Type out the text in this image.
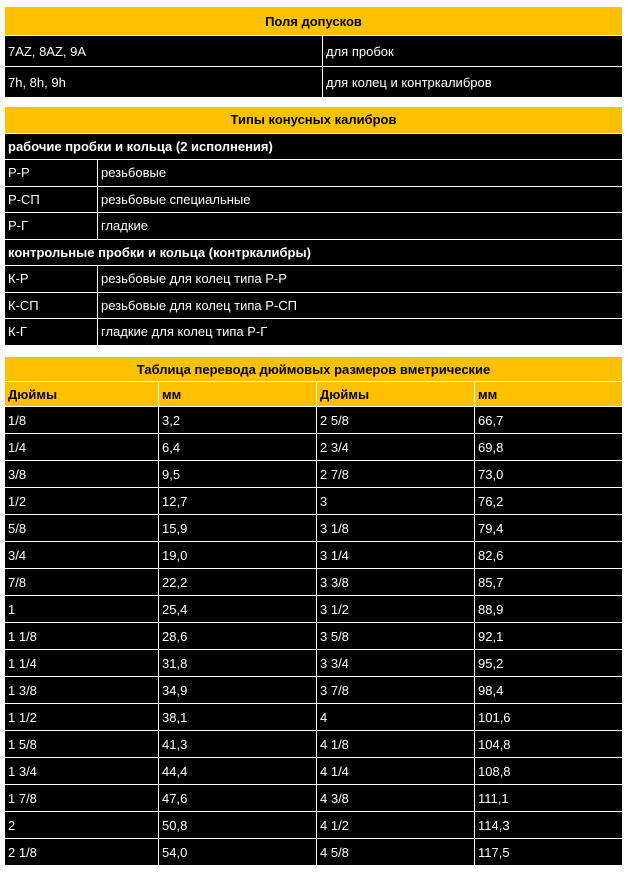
Поля допусков	
7AZ, 8AZ, 9A	для пробок
7h, 8h, 9h	для колец и контркалибров
Типы конусных калибров	
рабочие пробки и кольца (2 исполнения)	
Р-Р	резьбовые
Р-СП	резьбовые специальные
Р-Г	гладкие
контрольные пробки и кольца (контркалибры)	
К-Р	резьбовые для колец типа Р-Р
К-СП	резьбовые для колец типа Р-СП
К-Г	гладкие для колец типа Р-Г
Таблица перевода дюймовых размеров вметрические			
Дюймы	мм	Дюймы	мм
1/8	3,2	2 5/8	66,7
1/4	6,4	2 3/4	69,8
3/8	9,5	2 7/8	73,0
1/2	12,7	3	76,2
5/8	15,9	3 1/8	79,4
3/4	19,0	3 1/4	82,6
7/8	22,2	3 3/8	85,7
1	25,4	3 1/2	88,9
1 1/8	28,6	3 5/8	92,1
1 1/4	31,8	3 3/4	95,2
1 3/8	34,9	3 7/8	98,4
1 1/2	38,1	4	101,6
1 5/8	41,3	4 1/8	104,8
1 3/4	44,4	4 1/4	108,8
1 7/8	47,6	4 3/8	111,1
2	50,8	4 1/2	114,3
2 1/8	54,0	4 5/8	117,5
